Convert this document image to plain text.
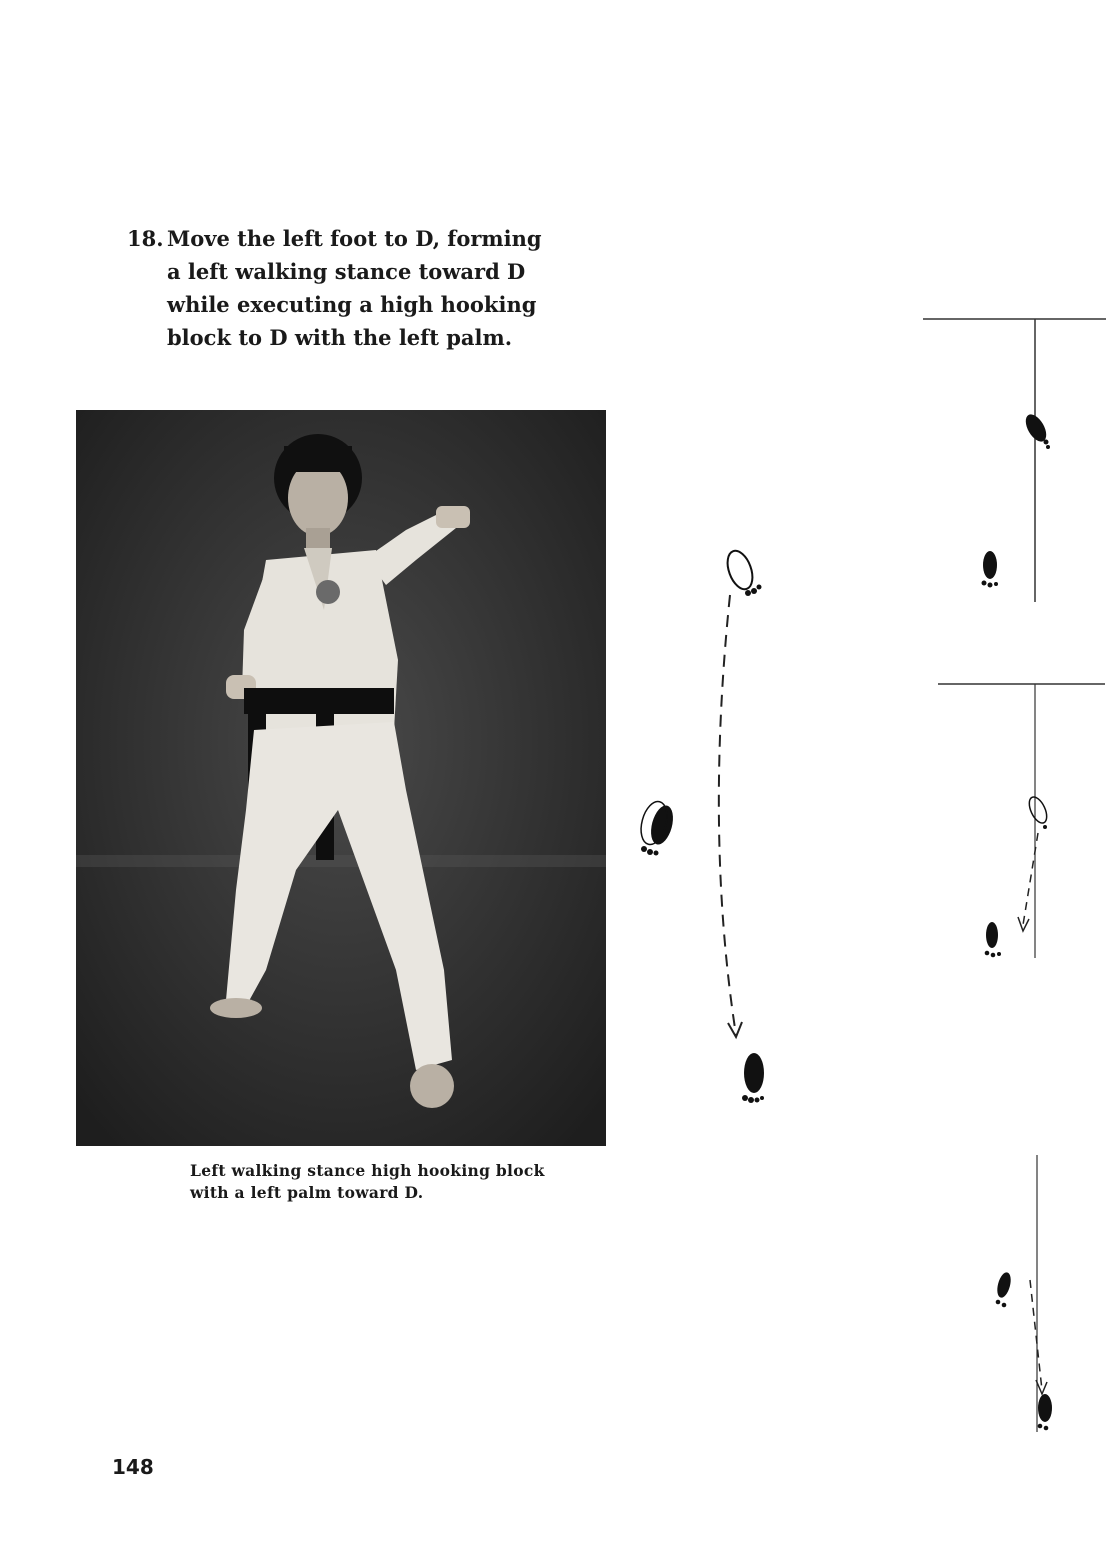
18. Move the left foot to D, forming a left walking stance toward D while executing a high hooking block to D with the left palm.

Left walking stance high hooking block with a left palm toward D.

148
